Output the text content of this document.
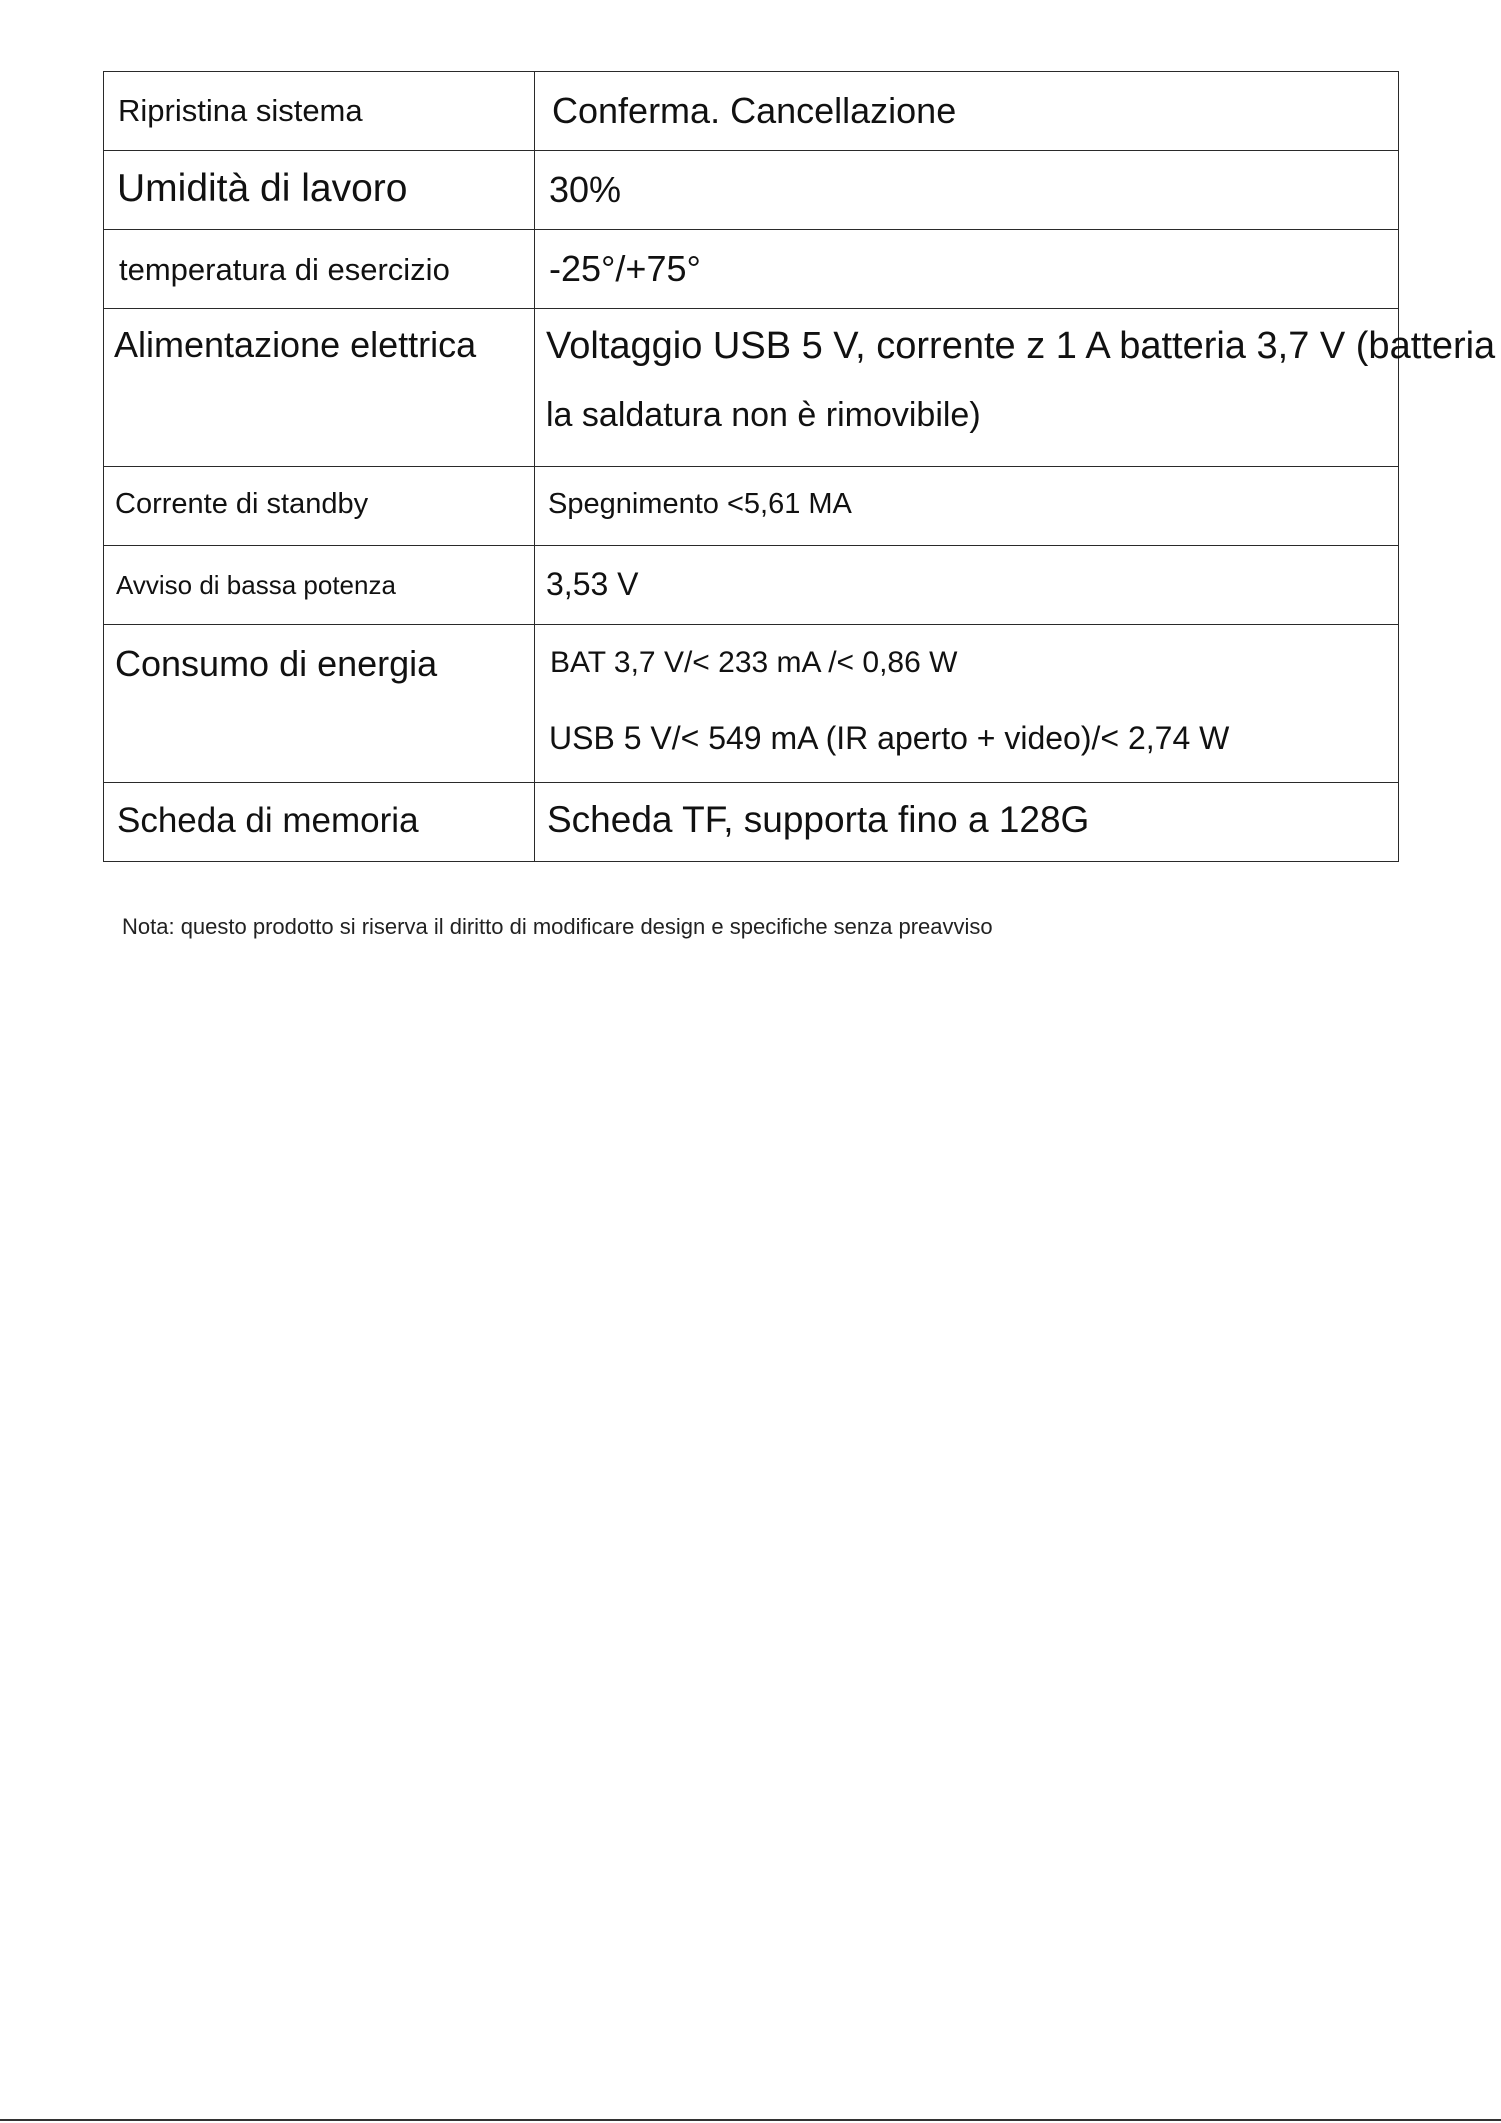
Ripristina sistema	Conferma. Cancellazione

Umidità di lavoro	30%

temperatura di esercizio	-25°/+75°

Alimentazione elettrica	Voltaggio USB 5 V, corrente z 1 A batteria 3,7 V (batteria
la saldatura non è rimovibile)

Corrente di standby	Spegnimento <5,61 MA

Avviso di bassa potenza	3,53 V

Consumo di energia	BAT 3,7 V/< 233 mA /< 0,86 W
USB 5 V/< 549 mA (IR aperto + video)/< 2,74 W

Scheda di memoria	Scheda TF, supporta fino a 128G
Nota: questo prodotto si riserva il diritto di modificare design e specifiche senza preavviso
